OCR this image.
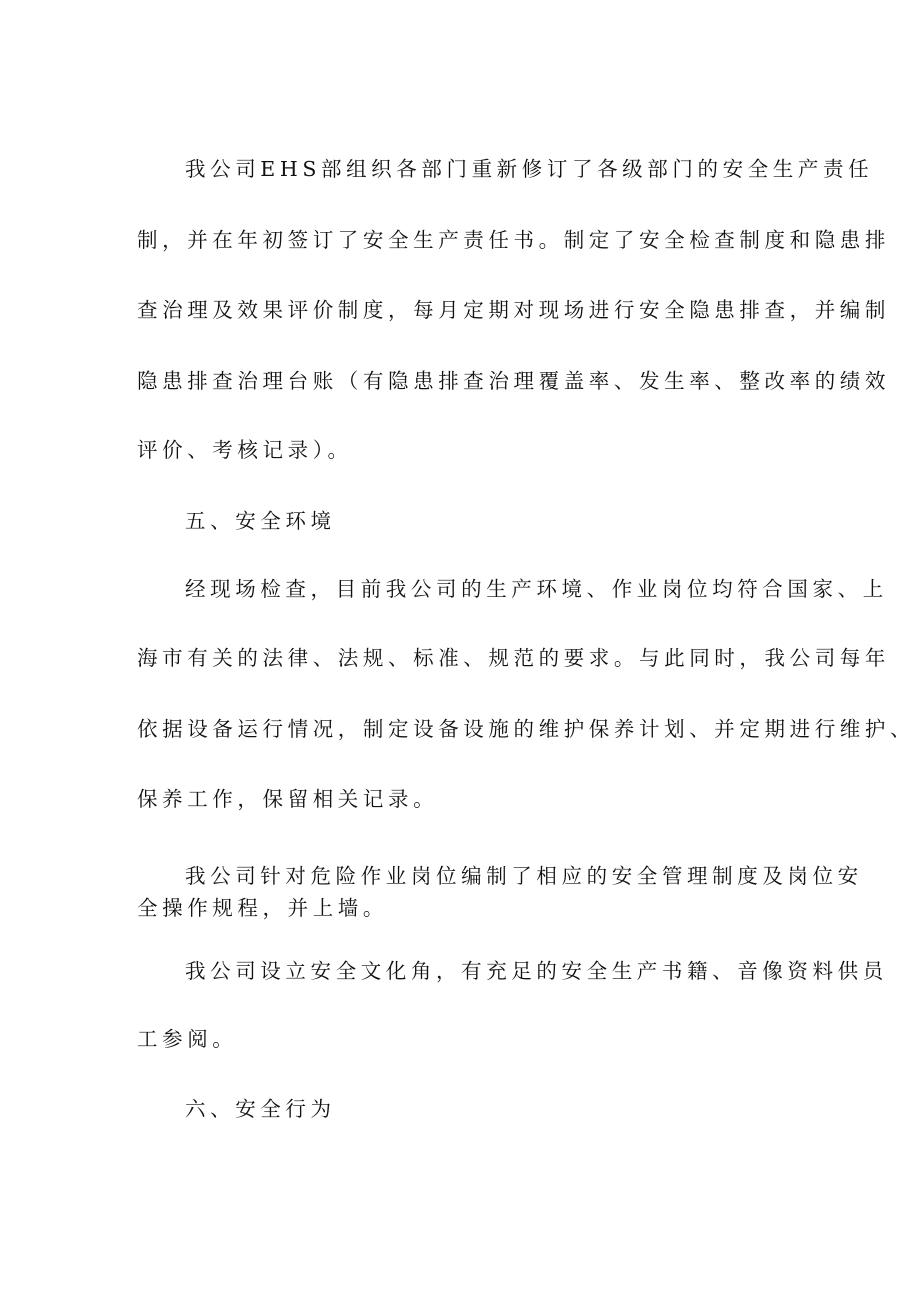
我公司EHS部组织各部门重新修订了各级部门的安全生产责任
制，并在年初签订了安全生产责任书。制定了安全检查制度和隐患排
查治理及效果评价制度，每月定期对现场进行安全隐患排查，并编制
隐患排查治理台账（有隐患排查治理覆盖率、发生率、整改率的绩效
评价、考核记录）。
五、安全环境
经现场检查，目前我公司的生产环境、作业岗位均符合国家、上
海市有关的法律、法规、标准、规范的要求。与此同时，我公司每年
依据设备运行情况，制定设备设施的维护保养计划、并定期进行维护、
保养工作，保留相关记录。
我公司针对危险作业岗位编制了相应的安全管理制度及岗位安
全操作规程，并上墙。
我公司设立安全文化角，有充足的安全生产书籍、音像资料供员
工参阅。
六、安全行为
